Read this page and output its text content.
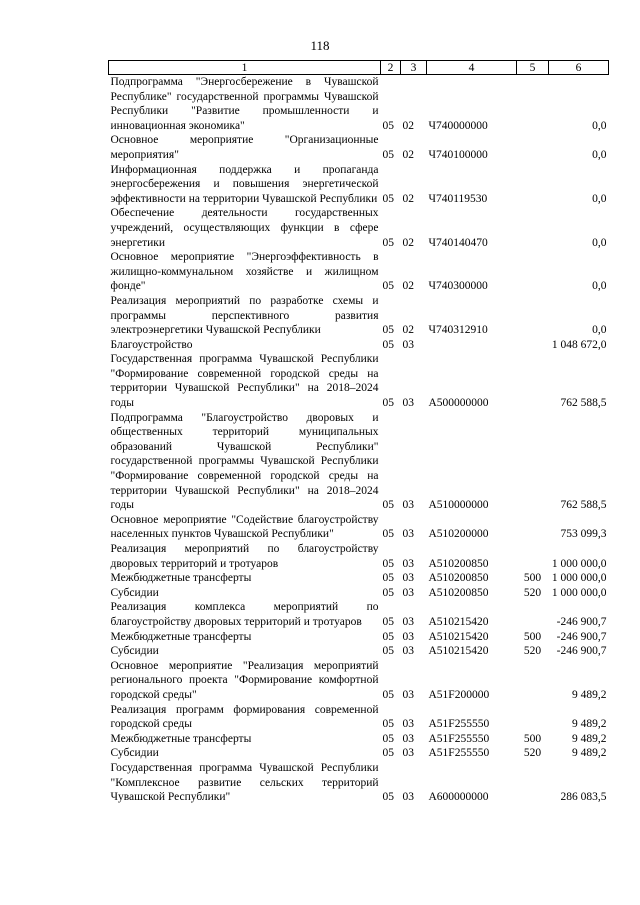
118
1	2	3	4	5	6
Подпрограмма "Энергосбережение в Чувашской Республике" государственной программы Чувашской Республики "Развитие промышленности и инновационная экономика"	05	02	Ч740000000		0,0
Основное мероприятие "Организационные мероприятия"	05	02	Ч740100000		0,0
Информационная поддержка и пропаганда энергосбережения и повышения энергетической эффективности на территории Чувашской Республики	05	02	Ч740119530		0,0
Обеспечение деятельности государственных учреждений, осуществляющих функции в сфере энергетики	05	02	Ч740140470		0,0
Основное мероприятие "Энергоэффективность в жилищно-коммунальном хозяйстве и жилищном фонде"	05	02	Ч740300000		0,0
Реализация мероприятий по разработке схемы и программы перспективного развития электроэнергетики Чувашской Республики	05	02	Ч740312910		0,0
Благоустройство	05	03			1 048 672,0
Государственная программа Чувашской Республики "Формирование современной городской среды на территории Чувашской Республики" на 2018–2024 годы	05	03	А500000000		762 588,5
Подпрограмма "Благоустройство дворовых и общественных территорий муниципальных образований Чувашской Республики" государственной программы Чувашской Республики "Формирование современной городской среды на территории Чувашской Республики" на 2018–2024 годы	05	03	А510000000		762 588,5
Основное мероприятие "Содействие благоустройству населенных пунктов Чувашской Республики"	05	03	А510200000		753 099,3
Реализация мероприятий по благоустройству дворовых территорий и тротуаров	05	03	А510200850		1 000 000,0
Межбюджетные трансферты	05	03	А510200850	500	1 000 000,0
Субсидии	05	03	А510200850	520	1 000 000,0
Реализация комплекса мероприятий по благоустройству дворовых территорий и тротуаров	05	03	А510215420		-246 900,7
Межбюджетные трансферты	05	03	А510215420	500	-246 900,7
Субсидии	05	03	А510215420	520	-246 900,7
Основное мероприятие "Реализация мероприятий регионального проекта "Формирование комфортной городской среды"	05	03	А51F200000		9 489,2
Реализация программ формирования современной городской среды	05	03	А51F255550		9 489,2
Межбюджетные трансферты	05	03	А51F255550	500	9 489,2
Субсидии	05	03	А51F255550	520	9 489,2
Государственная программа Чувашской Республики "Комплексное развитие сельских территорий Чувашской Республики"	05	03	А600000000		286 083,5
